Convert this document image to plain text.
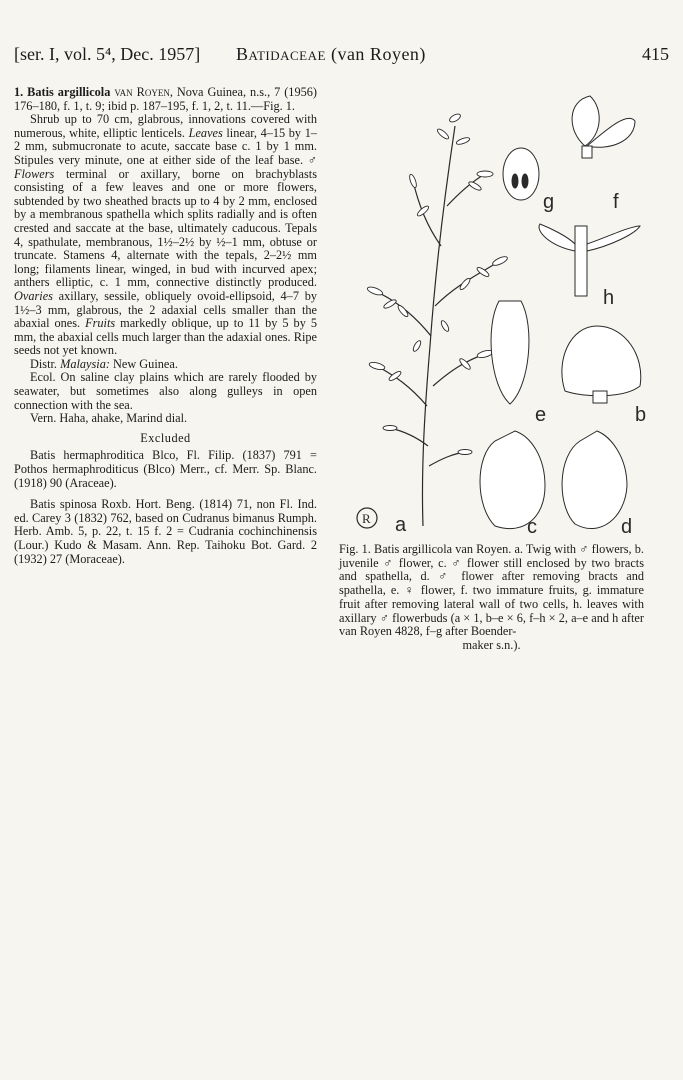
[ser. I, vol. 5⁴, Dec. 1957] Batidaceae (van Royen)	415

1. Batis argillicola van Royen, Nova Guinea, n.s., 7 (1956) 176–180, f. 1, t. 9; ibid p. 187–195, f. 1, 2, t. 11.—Fig. 1.

Shrub up to 70 cm, glabrous, innovations covered with numerous, white, elliptic lenticels. Leaves linear, 4–15 by 1–2 mm, submucronate to acute, saccate base c. 1 by 1 mm. Stipules very minute, one at either side of the leaf base. ♂ Flowers terminal or axillary, borne on brachyblasts consisting of a few leaves and one or more flowers, subtended by two sheathed bracts up to 4 by 2 mm, enclosed by a membranous spathella which splits radially and is often crested and saccate at the base, ultimately caducous. Tepals 4, spathulate, membranous, 1½–2½ by ½–1 mm, obtuse or truncate. Stamens 4, alternate with the tepals, 2–2½ mm long; filaments linear, winged, in bud with incurved apex; anthers elliptic, c. 1 mm, connective distinctly produced. Ovaries axillary, sessile, obliquely ovoid-ellipsoid, 4–7 by 1½–3 mm, glabrous, the 2 adaxial cells smaller than the abaxial ones. Fruits markedly oblique, up to 11 by 5 by 5 mm, the abaxial cells much larger than the adaxial ones. Ripe seeds not yet known.

Distr. Malaysia: New Guinea.

Ecol. On saline clay plains which are rarely flooded by seawater, but sometimes also along gulleys in open connection with the sea.

Vern. Haha, ahake, Marind dial.

Excluded

Batis hermaphroditica Blco, Fl. Filip. (1837) 791 = Pothos hermaphroditicus (Blco) Merr., cf. Merr. Sp. Blanc. (1918) 90 (Araceae).

Batis spinosa Roxb. Hort. Beng. (1814) 71, non Fl. Ind. ed. Carey 3 (1832) 762, based on Cudranus bimanus Rumph. Herb. Amb. 5, p. 22, t. 15 f. 2 = Cudrania cochinchinensis (Lour.) Kudo & Masam. Ann. Rep. Taihoku Bot. Gard. 2 (1932) 27 (Moraceae).

a
b
c	d
e
f
g
h
R

Fig. 1. Batis argillicola van Royen. a. Twig with ♂ flowers, b. juvenile ♂ flower, c. ♂ flower still enclosed by two bracts and spathella, d. ♂ flower after removing bracts and spathella, e. ♀ flower, f. two immature fruits, g. immature fruit after removing lateral wall of two cells, h. leaves with axillary ♂ flowerbuds (a × 1, b–e × 6, f–h × 2, a–e and h after van Royen 4828, f–g after Boender-

maker s.n.).
